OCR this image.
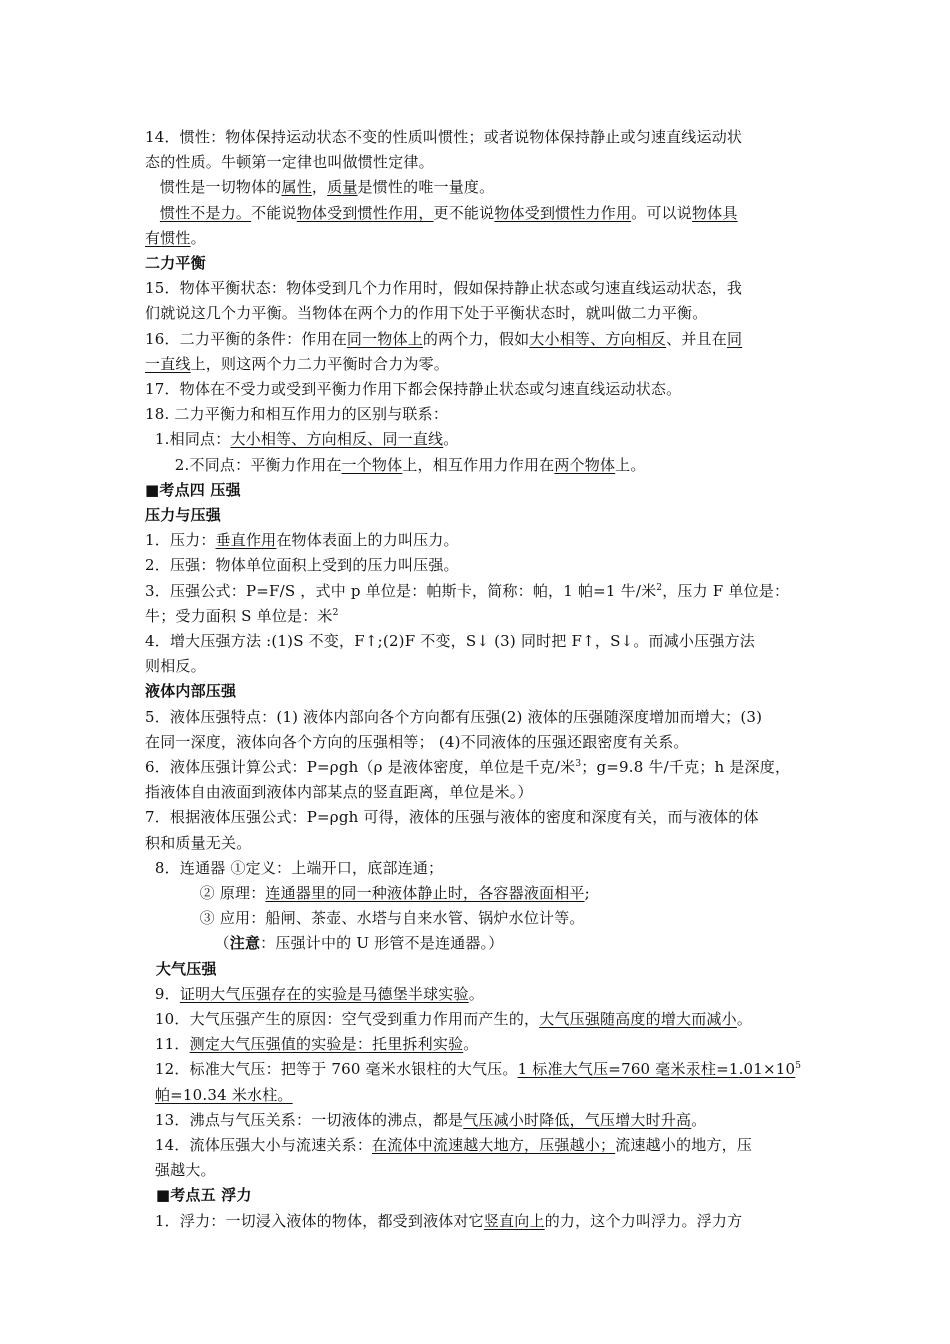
14．惯性：物体保持运动状态不变的性质叫惯性；或者说物体保持静止或匀速直线运动状
态的性质。牛顿第一定律也叫做惯性定律。
惯性是一切物体的属性，质量是惯性的唯一量度。
惯性不是力。不能说物体受到惯性作用，更不能说物体受到惯性力作用。可以说物体具
有惯性。
二力平衡
15．物体平衡状态：物体受到几个力作用时，假如保持静止状态或匀速直线运动状态，我
们就说这几个力平衡。当物体在两个力的作用下处于平衡状态时，就叫做二力平衡。
16．二力平衡的条件：作用在同一物体上的两个力，假如大小相等、方向相反、并且在同
一直线上，则这两个力二力平衡时合力为零。
17．物体在不受力或受到平衡力作用下都会保持静止状态或匀速直线运动状态。
18. 二力平衡力和相互作用力的区别与联系：
1.相同点：大小相等、方向相反、同一直线。
2.不同点：平衡力作用在一个物体上，相互作用力作用在两个物体上。
■考点四 压强
压力与压强
1．压力：垂直作用在物体表面上的力叫压力。
2．压强：物体单位面积上受到的压力叫压强。
3．压强公式：P=F/S ，式中 p 单位是：帕斯卡，简称：帕，1 帕=1 牛/米$^2$，压力 F 单位是：
牛；受力面积 S 单位是：米$^2$
4．增大压强方法 :(1)S 不变，F↑;(2)F 不变，S↓ (3) 同时把 F↑，S↓。而减小压强方法
则相反。
液体内部压强
5．液体压强特点：(1) 液体内部向各个方向都有压强(2) 液体的压强随深度增加而增大；(3)
在同一深度，液体向各个方向的压强相等； (4)不同液体的压强还跟密度有关系。
6．液体压强计算公式：P=ρgh（ρ 是液体密度，单位是千克/米$^3$；g=9.8 牛/千克；h 是深度，
指液体自由液面到液体内部某点的竖直距离，单位是米。）
7．根据液体压强公式：P=ρgh 可得，液体的压强与液体的密度和深度有关，而与液体的体
积和质量无关。
8．连通器 ①定义：上端开口，底部连通；
② 原理：连通器里的同一种液体静止时，各容器液面相平;
③ 应用：船闸、茶壶、水塔与自来水管、锅炉水位计等。
（注意：压强计中的 U 形管不是连通器。）
大气压强
9．证明大气压强存在的实验是马德堡半球实验。
10．大气压强产生的原因：空气受到重力作用而产生的，大气压强随高度的增大而减小。
11．测定大气压强值的实验是：托里拆利实验。
12．标准大气压：把等于 760 毫米水银柱的大气压。1 标准大气压=760 毫米汞柱$=1.01\times 10^5$
帕=10.34 米水柱。
13．沸点与气压关系：一切液体的沸点，都是气压减小时降低，气压增大时升高。
14．流体压强大小与流速关系：在流体中流速越大地方，压强越小；流速越小的地方，压
强越大。
■考点五 浮力
1．浮力：一切浸入液体的物体，都受到液体对它竖直向上的力，这个力叫浮力。浮力方
